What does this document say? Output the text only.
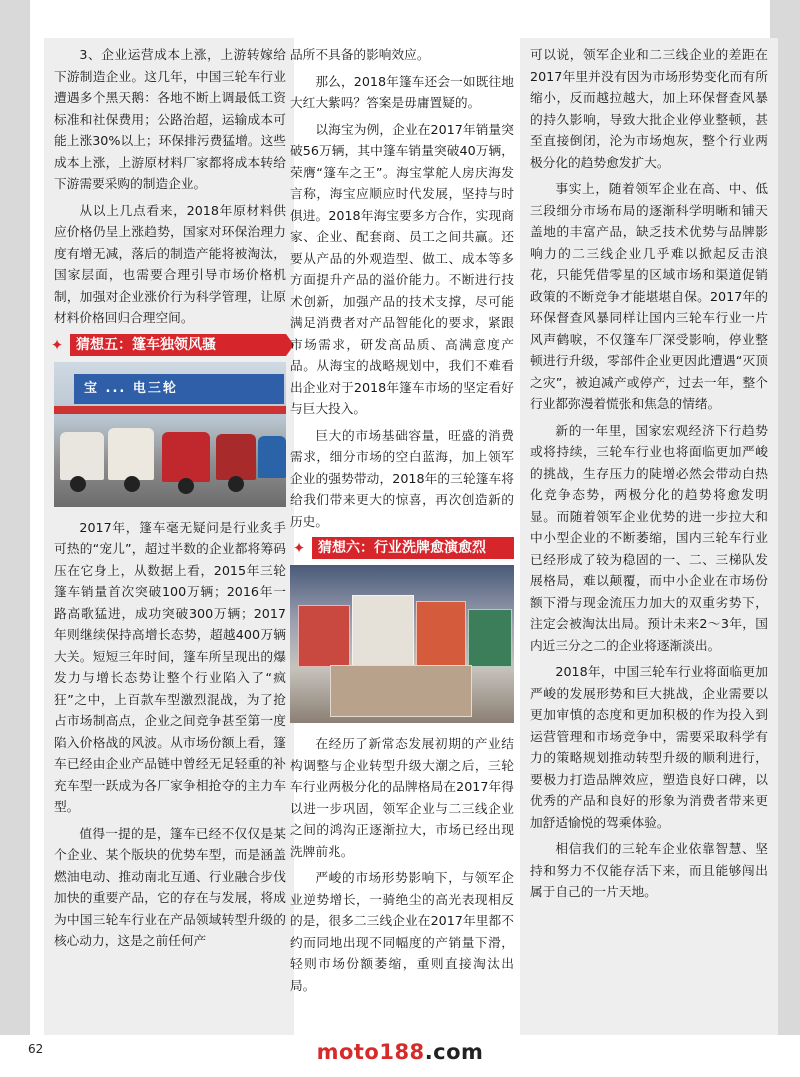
3、企业运营成本上涨，上游转嫁给下游制造企业。这几年，中国三轮车行业遭遇多个黑天鹅：各地不断上调最低工资标准和社保费用；公路治超，运输成本可能上涨30%以上；环保排污费猛增。这些成本上涨，上游原材料厂家都将成本转给下游需要采购的制造企业。

从以上几点看来，2018年原材料供应价格仍呈上涨趋势，国家对环保治理力度有增无减，落后的制造产能将被淘汰，国家层面，也需要合理引导市场价格机制，加强对企业涨价行为科学管理，让原材料价格回归合理空间。

✦ 猜想五：篷车独领风骚
宝 ... 电三轮

2017年，篷车毫无疑问是行业炙手可热的“宠儿”，超过半数的企业都将筹码压在它身上，从数据上看，2015年三轮篷车销量首次突破100万辆；2016年一路高歌猛进，成功突破300万辆；2017年则继续保持高增长态势，超越400万辆大关。短短三年时间，篷车所呈现出的爆发力与增长态势让整个行业陷入了“疯狂”之中，上百款车型激烈混战，为了抢占市场制高点，企业之间竞争甚至第一度陷入价格战的风波。从市场份额上看，篷车已经由企业产品链中曾经无足轻重的补充车型一跃成为各厂家争相抢夺的主力车型。

值得一提的是，篷车已经不仅仅是某个企业、某个版块的优势车型，而是涵盖燃油电动、推动南北互通、行业融合步伐加快的重要产品，它的存在与发展，将成为中国三轮车行业在产品领域转型升级的核心动力，这是之前任何产

品所不具备的影响效应。

那么，2018年篷车还会一如既往地大红大紫吗？答案是毋庸置疑的。

以海宝为例，企业在2017年销量突破56万辆，其中篷车销量突破40万辆，荣膺“篷车之王”。海宝掌舵人房庆海发言称，海宝应顺应时代发展，坚持与时俱进。2018年海宝要多方合作，实现商家、企业、配套商、员工之间共赢。还要从产品的外观造型、做工、成本等多方面提升产品的溢价能力。不断进行技术创新，加强产品的技术支撑，尽可能满足消费者对产品智能化的要求，紧跟市场需求，研发高品质、高满意度产品。从海宝的战略规划中，我们不难看出企业对于2018年篷车市场的坚定看好与巨大投入。

巨大的市场基础容量，旺盛的消费需求，细分市场的空白蓝海，加上领军企业的强势带动，2018年的三轮篷车将给我们带来更大的惊喜，再次创造新的历史。

✦ 猜想六：行业洗牌愈演愈烈

在经历了新常态发展初期的产业结构调整与企业转型升级大潮之后，三轮车行业两极分化的品牌格局在2017年得以进一步巩固，领军企业与二三线企业之间的鸿沟正逐渐拉大，市场已经出现洗牌前兆。

严峻的市场形势影响下，与领军企业逆势增长，一骑绝尘的高光表现相反的是，很多二三线企业在2017年里都不约而同地出现不同幅度的产销量下滑，轻则市场份额萎缩，重则直接淘汰出局。

可以说，领军企业和二三线企业的差距在2017年里并没有因为市场形势变化而有所缩小，反而越拉越大，加上环保督查风暴的持久影响，导致大批企业停业整顿，甚至直接倒闭，沦为市场炮灰，整个行业两极分化的趋势愈发扩大。

事实上，随着领军企业在高、中、低三段细分市场布局的逐渐科学明晰和铺天盖地的丰富产品，缺乏技术优势与品牌影响力的二三线企业几乎难以掀起反击浪花，只能凭借零星的区域市场和渠道促销政策的不断竞争才能堪堪自保。2017年的环保督查风暴同样让国内三轮车行业一片风声鹤唳，不仅篷车厂深受影响，停业整顿进行升级，零部件企业更因此遭遇“灭顶之灾”，被迫减产或停产，过去一年，整个行业都弥漫着慌张和焦急的情绪。

新的一年里，国家宏观经济下行趋势或将持续，三轮车行业也将面临更加严峻的挑战，生存压力的陡增必然会带动白热化竞争态势，两极分化的趋势将愈发明显。而随着领军企业优势的进一步拉大和中小型企业的不断萎缩，国内三轮车行业已经形成了较为稳固的一、二、三梯队发展格局，难以颠覆，而中小企业在市场份额下滑与现金流压力加大的双重劣势下，注定会被淘汰出局。预计未来2～3年，国内近三分之二的企业将逐渐淡出。

2018年，中国三轮车行业将面临更加严峻的发展形势和巨大挑战，企业需要以更加审慎的态度和更加积极的作为投入到运营管理和市场竞争中，需要采取科学有力的策略规划推动转型升级的顺利进行，要极力打造品牌效应，塑造良好口碑，以优秀的产品和良好的形象为消费者带来更加舒适愉悦的驾乘体验。

相信我们的三轮车企业依靠智慧、坚持和努力不仅能存活下来，而且能够闯出属于自己的一片天地。

62	moto188.com
